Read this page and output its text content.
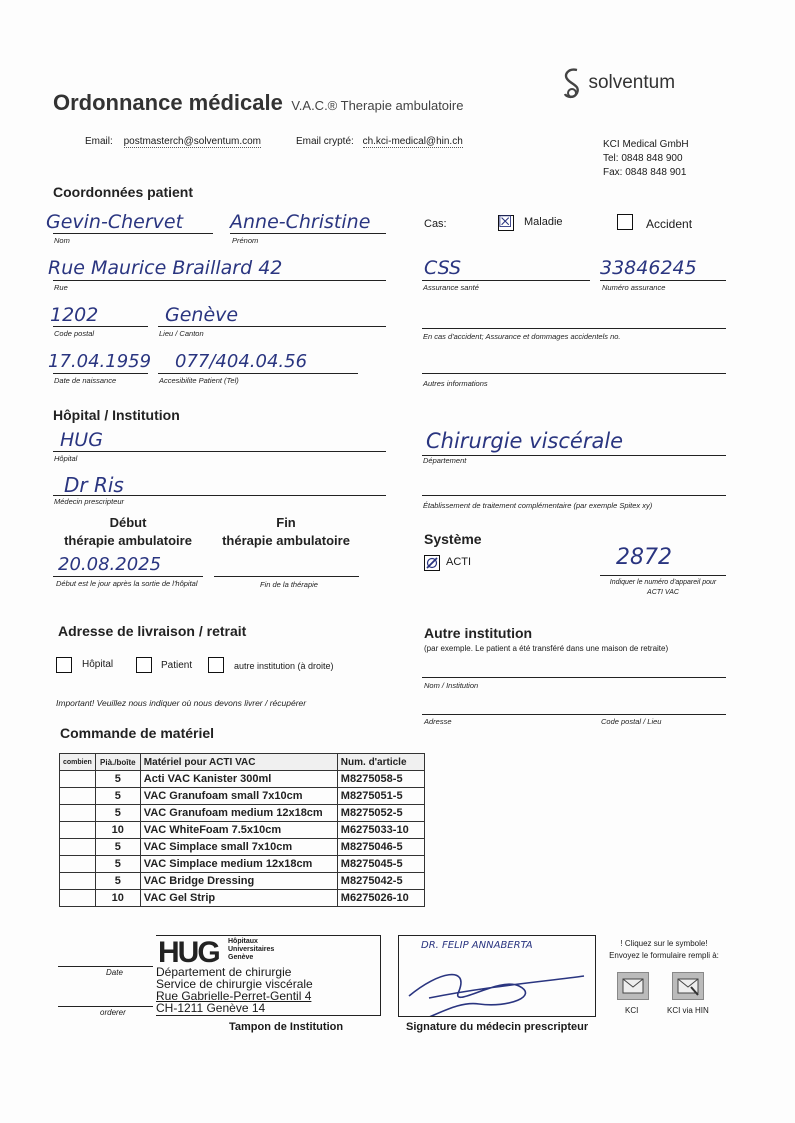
Ordonnance médicale V.A.C.® Therapie ambulatoire
solventum
Email: postmasterch@solventum.com	Email crypté: ch.kci-medical@hin.ch	KCI Medical GmbH
Tel: 0848 848 900
Fax: 0848 848 901
Coordonnées patient
Gevin-Chervet Anne-Christine
Nom	Prénom
Rue Maurice Braillard 42
Rue
1202	Genève
Code postal	Lieu / Canton
17.04.1959 077/404.04.56
Date de naissance	Accesibilite Patient (Tel)
Cas:	☒ Maladie	Accident
CSS	33846245
Assurance santé	Numéro assurance
En cas d'accident; Assurance et dommages accidentels no.
Autres informations
Hôpital / Institution
HUG
Hôpital
Chirurgie viscérale
Département
Dr Ris
Médecin prescripteur	Établissement de traitement complémentaire (par exemple Spitex xy)
Début
thérapie ambulatoire
Fin
thérapie ambulatoire
20.08.2025
Début est le jour après la sortie de l'hôpital	Fin de la thérapie
Système
ACTI	2872
Indiquer le numéro d'appareil pour
ACTI VAC
Adresse de livraison / retrait
Hôpital	Patient	autre institution (à droite)
Important! Veuillez nous indiquer où nous devons livrer / récupérer
Autre institution
(par exemple. Le patient a été transféré dans une maison de retraite)
Nom / Institution
Adresse	Code postal / Lieu
Commande de matériel
combien	Pià./boîte	Matériel pour ACTI VAC	Num. d'article
	5	Acti VAC Kanister 300ml	M8275058-5
	5	VAC Granufoam small 7x10cm	M8275051-5
	5	VAC Granufoam medium 12x18cm	M8275052-5
	10	VAC WhiteFoam 7.5x10cm	M6275033-10
	5	VAC Simplace small 7x10cm	M8275046-5
	5	VAC Simplace medium 12x18cm	M8275045-5
	5	VAC Bridge Dressing	M8275042-5
	10	VAC Gel Strip	M6275026-10
Date
orderer
HUG Hôpitaux
Universitaires
Genève
Département de chirurgie
Service de chirurgie viscérale
Rue Gabrielle-Perret-Gentil 4
CH-1211 Genève 14
Tampon de Institution
DR. FELIP ANNABERTA
Signature du médecin prescripteur
! Cliquez sur le symbole!
Envoyez le formulaire rempli à:
KCI	KCI via HIN
